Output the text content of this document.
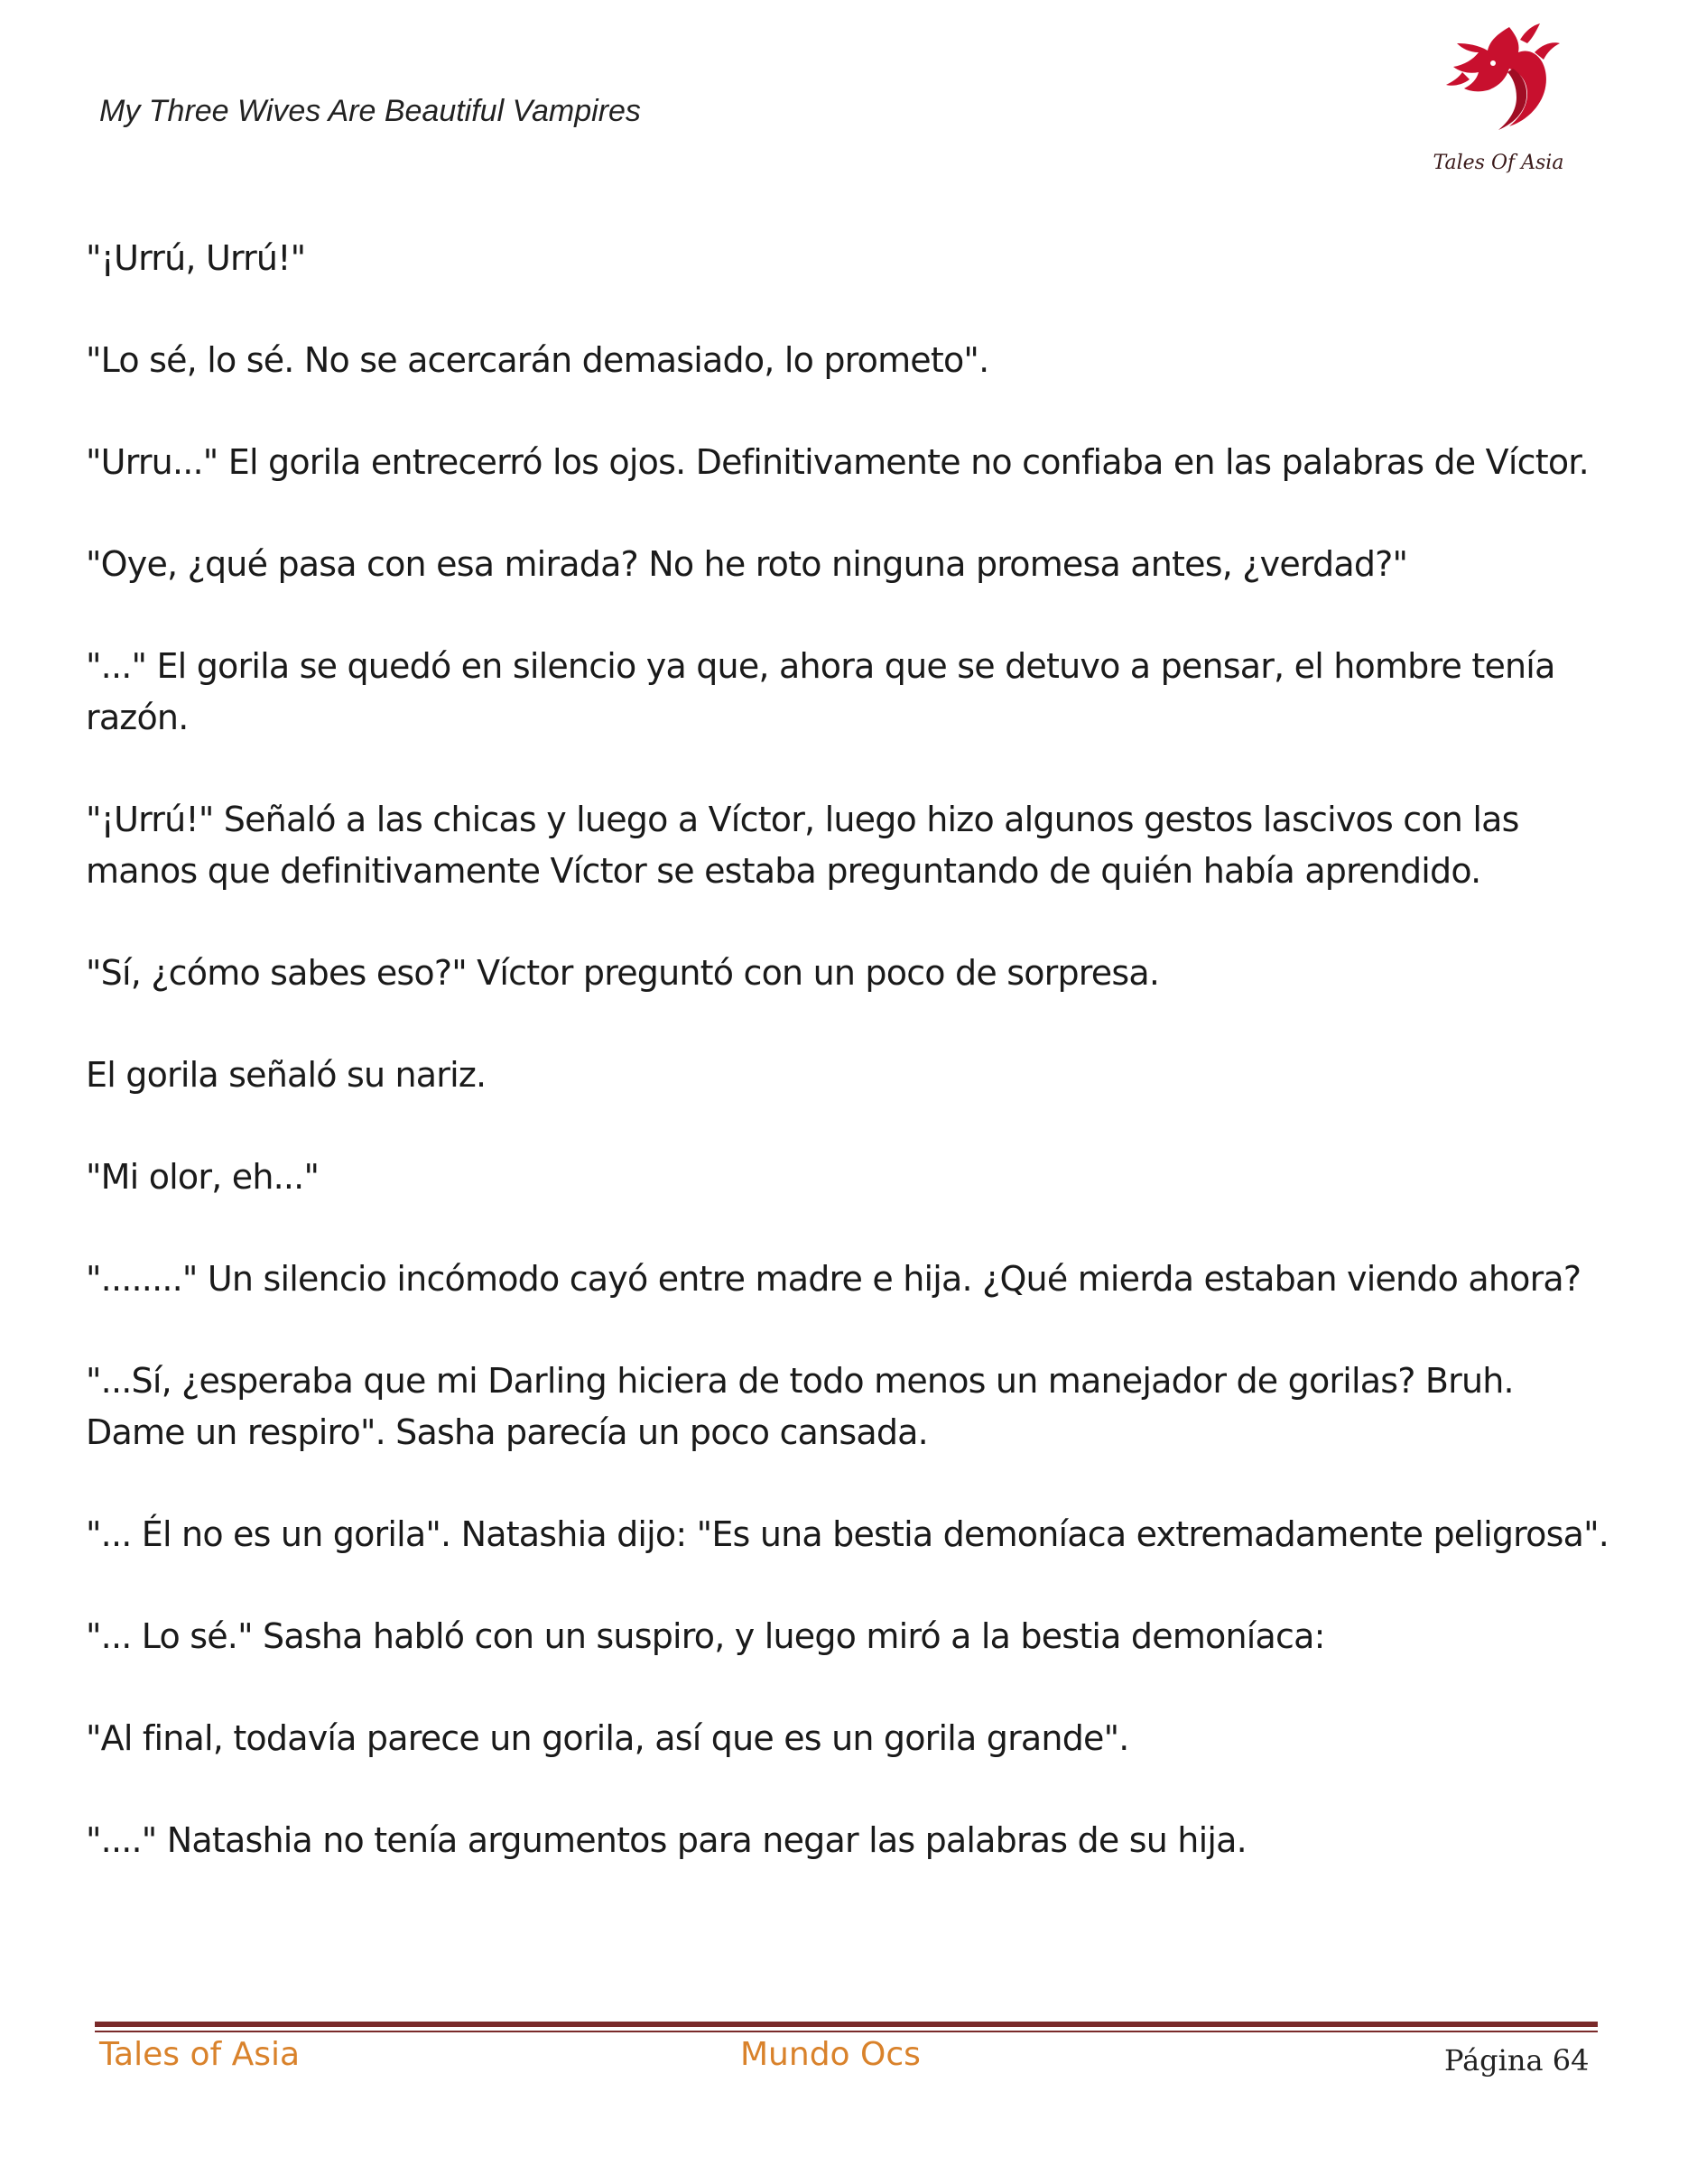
My Three Wives Are Beautiful Vampires
Tales Of Asia

"¡Urrú, Urrú!"

"Lo sé, lo sé. No se acercarán demasiado, lo prometo".

"Urru..." El gorila entrecerró los ojos. Definitivamente no confiaba en las palabras de Víctor.

"Oye, ¿qué pasa con esa mirada? No he roto ninguna promesa antes, ¿verdad?"

"..." El gorila se quedó en silencio ya que, ahora que se detuvo a pensar, el hombre tenía razón.

"¡Urrú!" Señaló a las chicas y luego a Víctor, luego hizo algunos gestos lascivos con las manos que definitivamente Víctor se estaba preguntando de quién había aprendido.

"Sí, ¿cómo sabes eso?" Víctor preguntó con un poco de sorpresa.

El gorila señaló su nariz.

"Mi olor, eh..."

"........" Un silencio incómodo cayó entre madre e hija. ¿Qué mierda estaban viendo ahora?

"...Sí, ¿esperaba que mi Darling hiciera de todo menos un manejador de gorilas? Bruh. Dame un respiro". Sasha parecía un poco cansada.

"... Él no es un gorila". Natashia dijo: "Es una bestia demoníaca extremadamente peligrosa".

"... Lo sé." Sasha habló con un suspiro, y luego miró a la bestia demoníaca:

"Al final, todavía parece un gorila, así que es un gorila grande".

"...." Natashia no tenía argumentos para negar las palabras de su hija.

Tales of Asia	Mundo Ocs	Página 64
